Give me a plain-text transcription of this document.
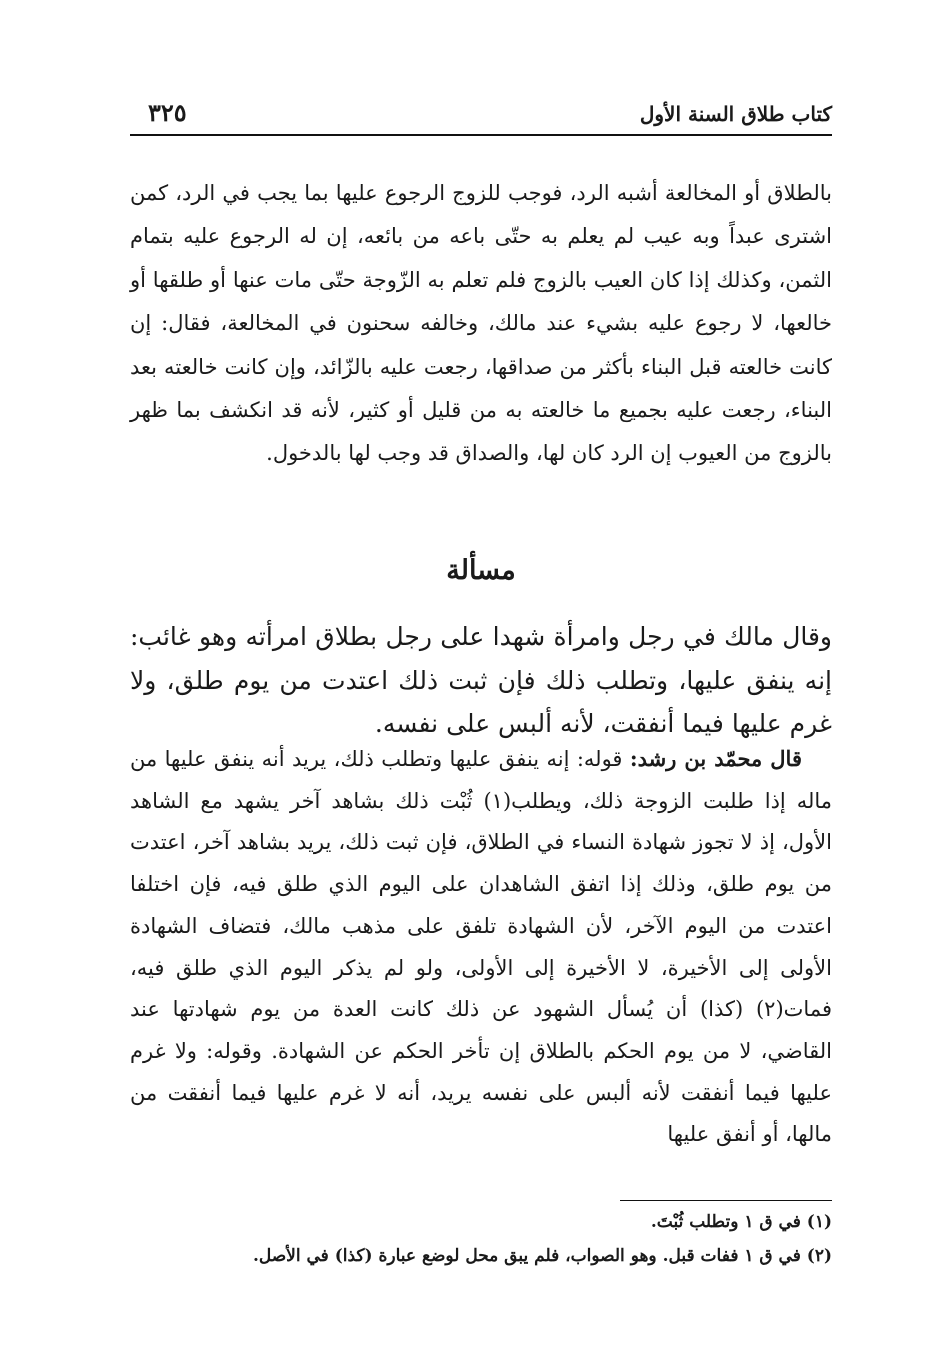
كتاب طلاق السنة الأول
٣٢٥

بالطلاق أو المخالعة أشبه الرد، فوجب للزوج الرجوع عليها بما يجب في الرد، كمن اشترى عبداً وبه عيب لم يعلم به حتّى باعه من بائعه، إن له الرجوع عليه بتمام الثمن، وكذلك إذا كان العيب بالزوج فلم تعلم به الزّوجة حتّى مات عنها أو طلقها أو خالعها، لا رجوع عليه بشيء عند مالك، وخالفه سحنون في المخالعة، فقال: إن كانت خالعته قبل البناء بأكثر من صداقها، رجعت عليه بالزّائد، وإن كانت خالعته بعد البناء، رجعت عليه بجميع ما خالعته به من قليل أو كثير، لأنه قد انكشف بما ظهر بالزوج من العيوب إن الرد كان لها، والصداق قد وجب لها بالدخول.

مسألة

وقال مالك في رجل وامرأة شهدا على رجل بطلاق امرأته وهو غائب: إنه ينفق عليها، وتطلب ذلك فإن ثبت ذلك اعتدت من يوم طلق، ولا غرم عليها فيما أنفقت، لأنه ألبس على نفسه.

قال محمّد بن رشد: قوله: إنه ينفق عليها وتطلب ذلك، يريد أنه ينفق عليها من ماله إذا طلبت الزوجة ذلك، ويطلب(١) ثُبْت ذلك بشاهد آخر يشهد مع الشاهد الأول، إذ لا تجوز شهادة النساء في الطلاق، فإن ثبت ذلك، يريد بشاهد آخر، اعتدت من يوم طلق، وذلك إذا اتفق الشاهدان على اليوم الذي طلق فيه، فإن اختلفا اعتدت من اليوم الآخر، لأن الشهادة تلفق على مذهب مالك، فتضاف الشهادة الأولى إلى الأخيرة، لا الأخيرة إلى الأولى، ولو لم يذكر اليوم الذي طلق فيه، فمات(٢) (كذا) أن يُسأل الشهود عن ذلك كانت العدة من يوم شهادتها عند القاضي، لا من يوم الحكم بالطلاق إن تأخر الحكم عن الشهادة. وقوله: ولا غرم عليها فيما أنفقت لأنه ألبس على نفسه يريد، أنه لا غرم عليها فيما أنفقت من مالها، أو أنفق عليها

(١) في ق ١ وتطلب ثُبْتَ.
(٢) في ق ١ ففات قبل. وهو الصواب، فلم يبق محل لوضع عبارة (كذا) في الأصل.
